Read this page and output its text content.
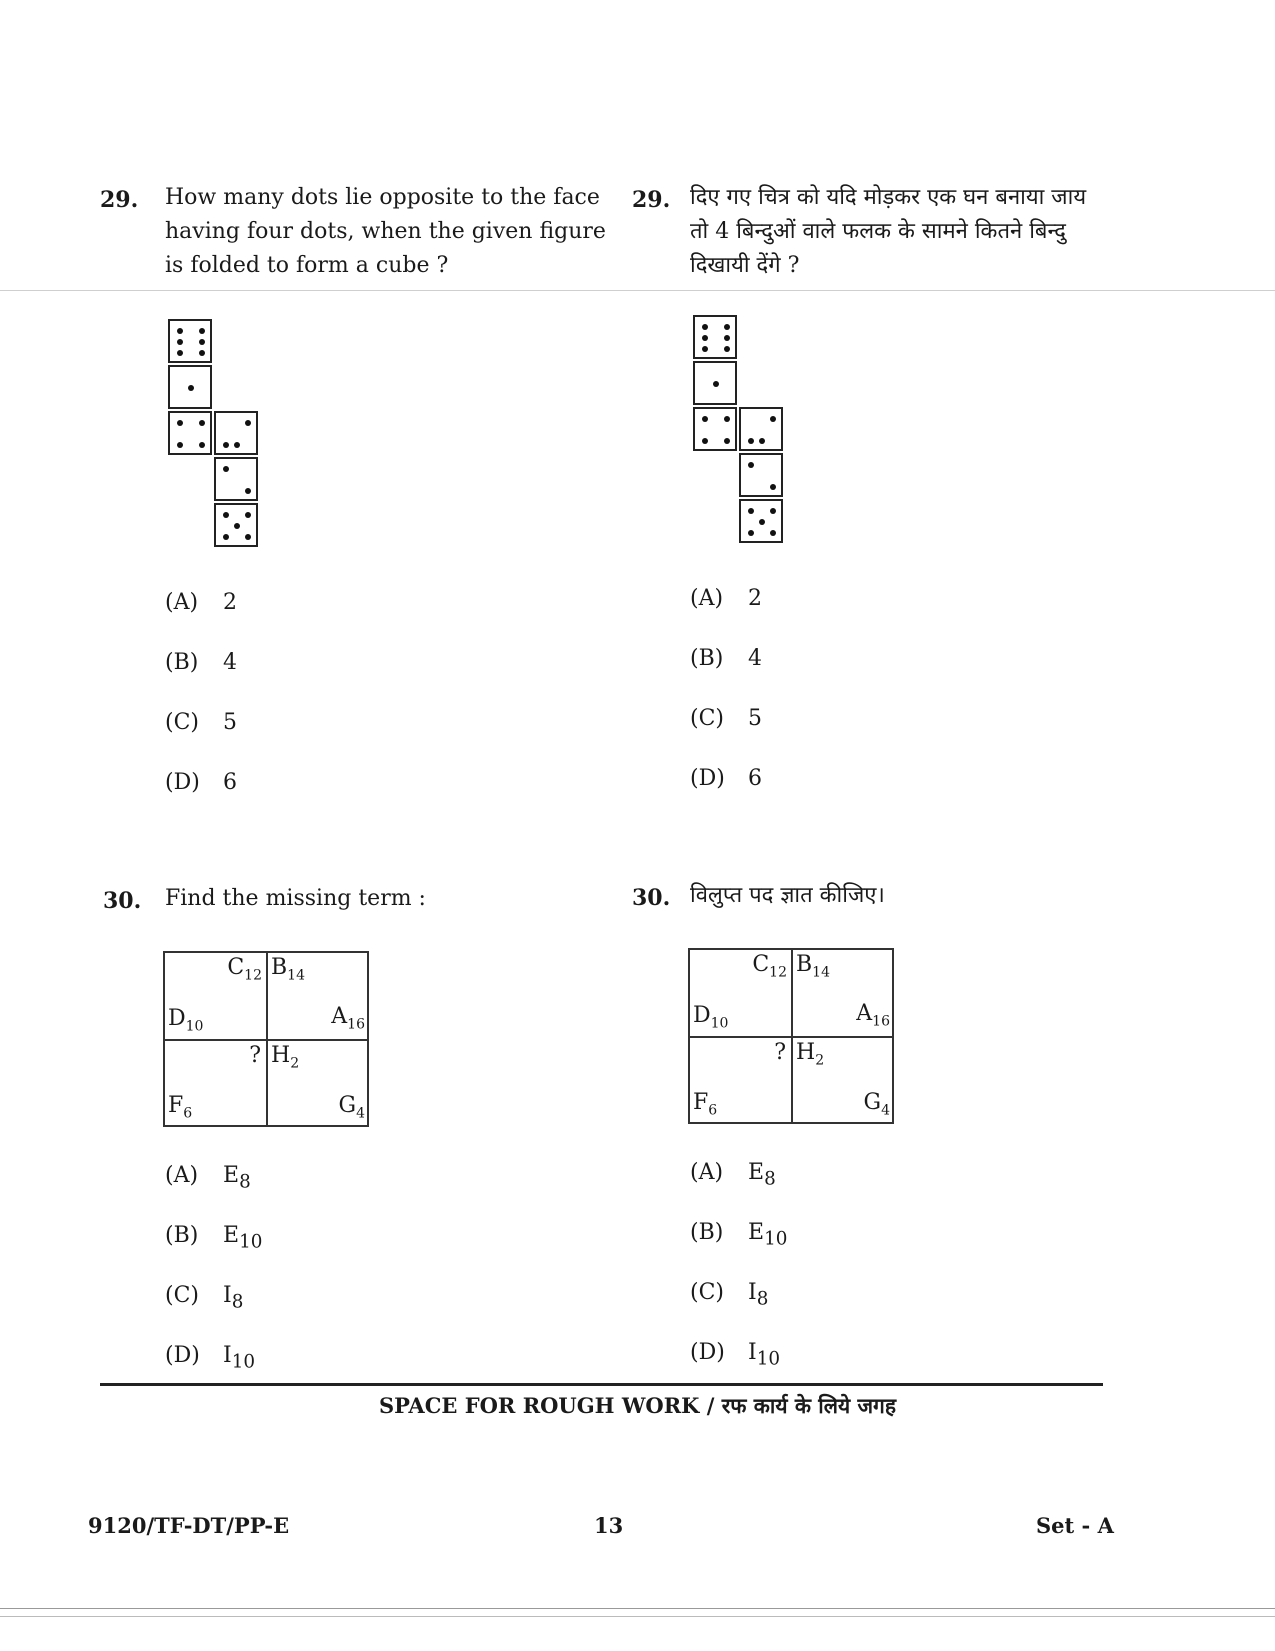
29. How many dots lie opposite to the face
having four dots, when the given figure
is folded to form a cube ?
29. दिए गए चित्र को यदि मोड़कर एक घन बनाया जाय
तो 4 बिन्दुओं वाले फलक के सामने कितने बिन्दु
दिखायी देंगे ?
(A) 2
(B) 4
(C) 5
(D) 6
(A) 2
(B) 4
(C) 5
(D) 6
30. Find the missing term :	30. विलुप्त पद ज्ञात कीजिए।
$C_{12}$ $B_{14}$
$D_{10}$	$A_{16}$
? $H_2$
$F_6$	$G_4$
$C_{12}$ $B_{14}$
$D_{10}$	$A_{16}$
? $H_2$
$F_6$	$G_4$
(A) $E_8$
(B) $E_{10}$
(C) $I_8$
(D) $I_{10}$
(A) $E_8$
(B) $E_{10}$
(C) $I_8$
(D) $I_{10}$
SPACE FOR ROUGH WORK / रफ कार्य के लिये जगह
9120/TF-DT/PP-E	13	Set - A
